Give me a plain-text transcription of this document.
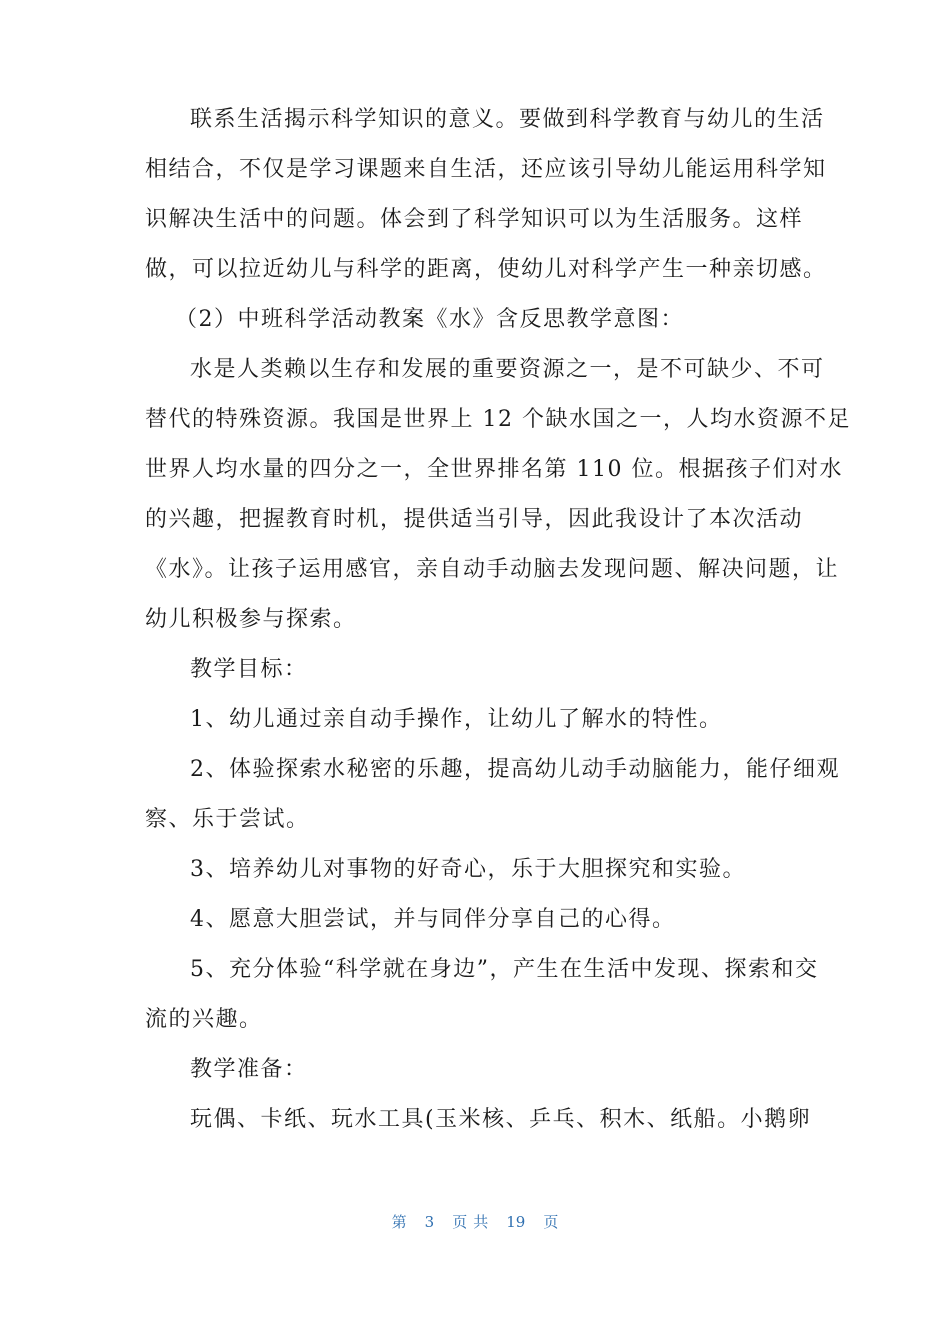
联系生活揭示科学知识的意义。要做到科学教育与幼儿的生活
相结合，不仅是学习课题来自生活，还应该引导幼儿能运用科学知
识解决生活中的问题。体会到了科学知识可以为生活服务。这样
做，可以拉近幼儿与科学的距离，使幼儿对科学产生一种亲切感。
（2）中班科学活动教案《水》含反思教学意图：
水是人类赖以生存和发展的重要资源之一，是不可缺少、不可
替代的特殊资源。我国是世界上 12 个缺水国之一，人均水资源不足
世界人均水量的四分之一，全世界排名第 110 位。根据孩子们对水
的兴趣，把握教育时机，提供适当引导，因此我设计了本次活动
《水》。让孩子运用感官，亲自动手动脑去发现问题、解决问题，让
幼儿积极参与探索。
教学目标：
1、幼儿通过亲自动手操作，让幼儿了解水的特性。
2、体验探索水秘密的乐趣，提高幼儿动手动脑能力，能仔细观
察、乐于尝试。
3、培养幼儿对事物的好奇心，乐于大胆探究和实验。
4、愿意大胆尝试，并与同伴分享自己的心得。
5、充分体验“科学就在身边”，产生在生活中发现、探索和交
流的兴趣。
教学准备：
玩偶、卡纸、玩水工具(玉米核、乒乓、积木、纸船。小鹅卵
第 3 页 共 19 页
